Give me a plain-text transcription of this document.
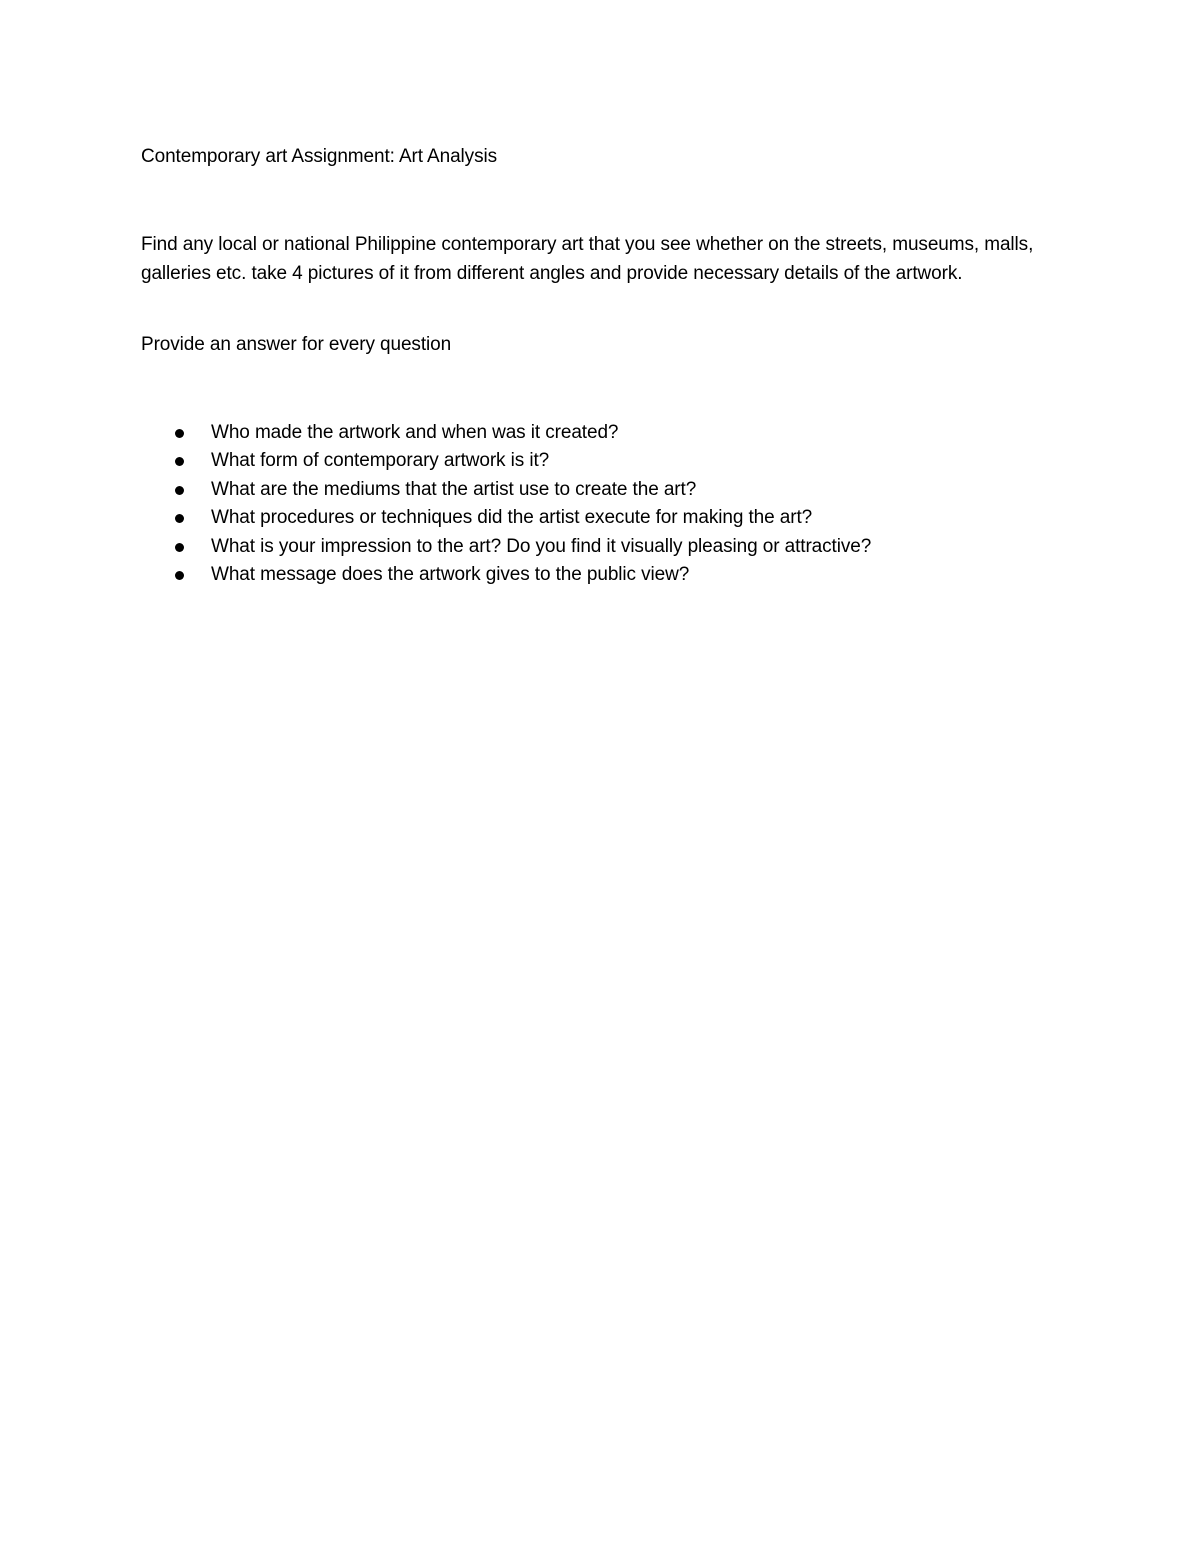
Contemporary art Assignment: Art Analysis

Find any local or national Philippine contemporary art that you see whether on the streets, museums, malls, galleries etc. take 4 pictures of it from different angles and provide necessary details of the artwork.

Provide an answer for every question

Who made the artwork and when was it created?
What form of contemporary artwork is it?
What are the mediums that the artist use to create the art?
What procedures or techniques did the artist execute for making the art?
What is your impression to the art? Do you find it visually pleasing or attractive?
What message does the artwork gives to the public view?
